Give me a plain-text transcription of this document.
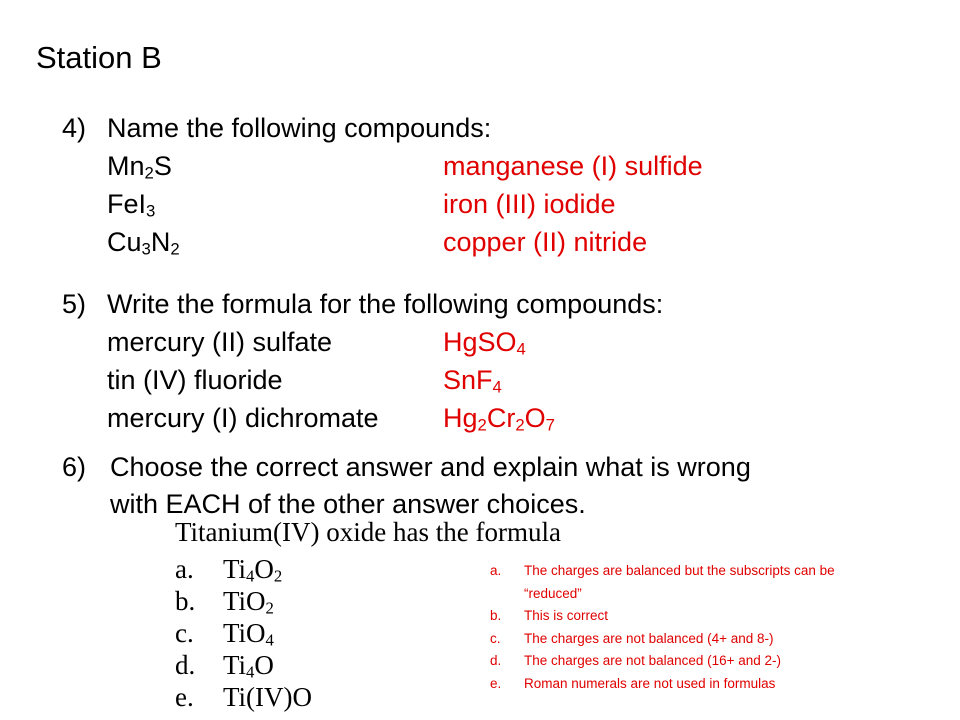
Station B
4) Name the following compounds:
$Mn_2S$	manganese (I) sulfide
FeI$_3$	iron (III) iodide
$Cu_3N_2$	copper (II) nitride
5) Write the formula for the following compounds:
mercury (II) sulfate	HgSO$_4$
tin (IV) fluoride	SnF$_4$
mercury (I) dichromate $Hg_2Cr_2O_7$
6) Choose the correct answer and explain what is wrong
with EACH of the other answer choices.
Titanium(IV) oxide has the formula
a. $Ti_4O_2$
b. TiO$_2$
c. TiO$_4$
d. $Ti_4O$
e. Ti(IV)O
a. The charges are balanced but the subscripts can be “reduced”
b. This is correct
c. The charges are not balanced (4+ and 8-)
d. The charges are not balanced (16+ and 2-)
e. Roman numerals are not used in formulas
